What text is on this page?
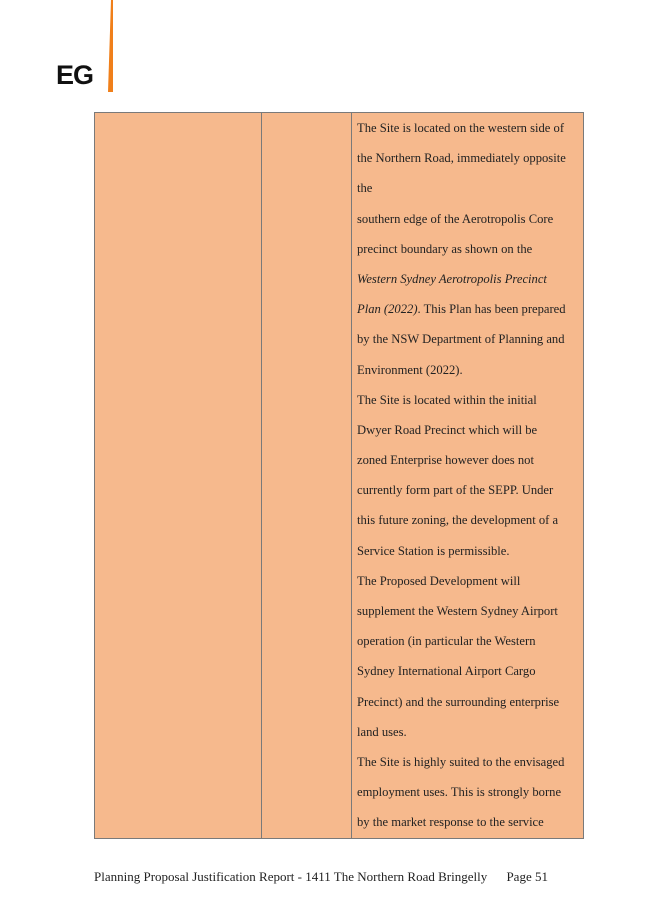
EG

The Site is located on the western side of

the Northern Road, immediately opposite

the

southern edge of the Aerotropolis Core

precinct boundary as shown on the

Western Sydney Aerotropolis Precinct

Plan (2022). This Plan has been prepared

by the NSW Department of Planning and

Environment (2022).

The Site is located within the initial

Dwyer Road Precinct which will be

zoned Enterprise however does not

currently form part of the SEPP. Under

this future zoning, the development of a

Service Station is permissible.

The Proposed Development will

supplement the Western Sydney Airport

operation (in particular the Western

Sydney International Airport Cargo

Precinct) and the surrounding enterprise

land uses.

The Site is highly suited to the envisaged

employment uses. This is strongly borne

by the market response to the service

Planning Proposal Justification Report - 1411 The Northern Road Bringelly Page 51
